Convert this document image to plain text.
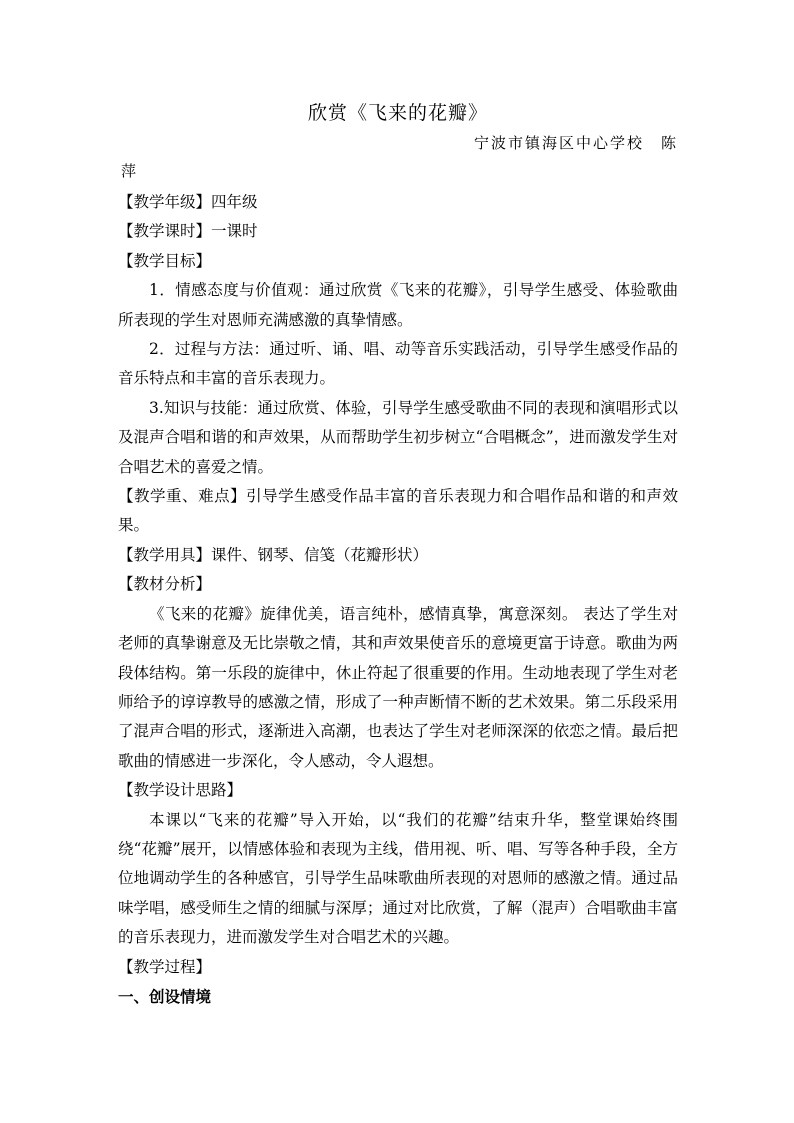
欣赏《飞来的花瓣》
宁波市镇海区中心学校　陈
萍

【教学年级】四年级

【教学课时】一课时

【教学目标】

1．情感态度与价值观：通过欣赏《飞来的花瓣》，引导学生感受、体验歌曲所表现的学生对恩师充满感激的真挚情感。

2．过程与方法：通过听、诵、唱、动等音乐实践活动，引导学生感受作品的音乐特点和丰富的音乐表现力。

3.知识与技能：通过欣赏、体验，引导学生感受歌曲不同的表现和演唱形式以及混声合唱和谐的和声效果，从而帮助学生初步树立“合唱概念”，进而激发学生对合唱艺术的喜爱之情。

【教学重、难点】引导学生感受作品丰富的音乐表现力和合唱作品和谐的和声效果。

【教学用具】课件、钢琴、信笺（花瓣形状）

【教材分析】

《飞来的花瓣》旋律优美，语言纯朴，感情真挚，寓意深刻。 表达了学生对老师的真挚谢意及无比崇敬之情，其和声效果使音乐的意境更富于诗意。歌曲为两段体结构。第一乐段的旋律中，休止符起了很重要的作用。生动地表现了学生对老师给予的谆谆教导的感激之情，形成了一种声断情不断的艺术效果。第二乐段采用了混声合唱的形式，逐渐进入高潮，也表达了学生对老师深深的依恋之情。最后把歌曲的情感进一步深化，令人感动，令人遐想。

【教学设计思路】

本课以“飞来的花瓣”导入开始，以“我们的花瓣”结束升华，整堂课始终围绕“花瓣”展开，以情感体验和表现为主线，借用视、听、唱、写等各种手段，全方位地调动学生的各种感官，引导学生品味歌曲所表现的对恩师的感激之情。通过品味学唱，感受师生之情的细腻与深厚；通过对比欣赏，了解（混声）合唱歌曲丰富的音乐表现力，进而激发学生对合唱艺术的兴趣。

【教学过程】

一、创设情境
